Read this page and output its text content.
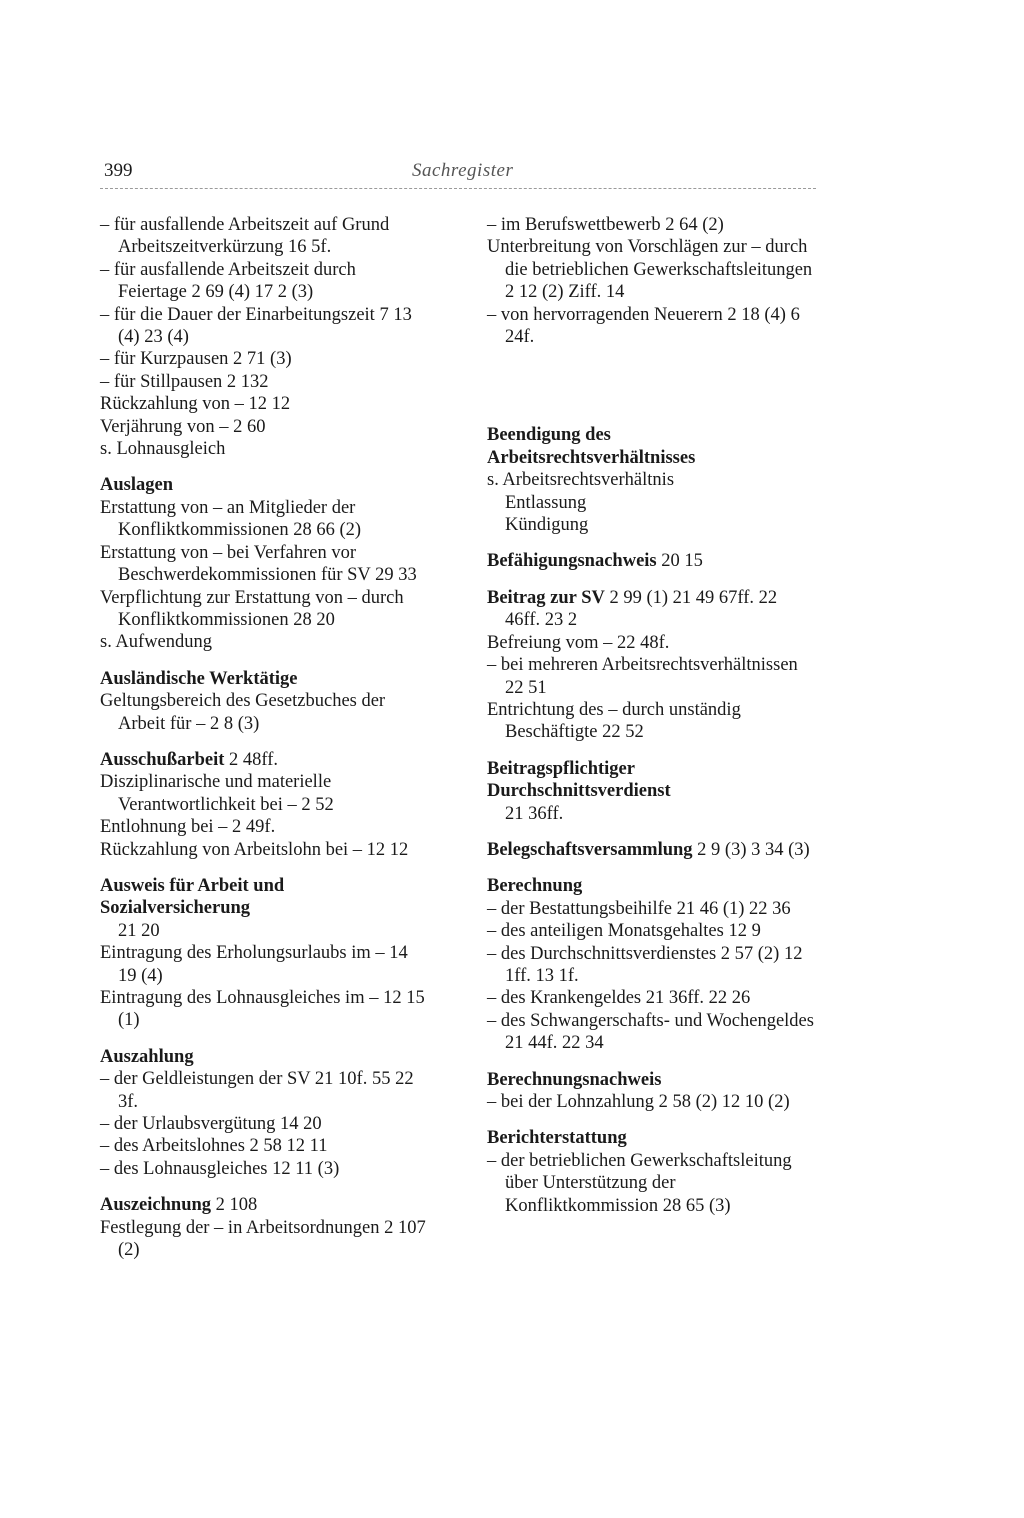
399	Sachregister

– für ausfallende Arbeitszeit auf Grund Arbeitszeitverkürzung 16 5f.

– für ausfallende Arbeitszeit durch Feiertage 2 69 (4) 17 2 (3)

– für die Dauer der Einarbeitungszeit 7 13 (4) 23 (4)

– für Kurzpausen 2 71 (3)

– für Stillpausen 2 132

Rückzahlung von – 12 12

Verjährung von – 2 60

s. Lohnausgleich

Auslagen

Erstattung von – an Mitglieder der Konfliktkommissionen 28 66 (2)

Erstattung von – bei Verfahren vor Beschwerdekommissionen für SV 29 33

Verpflichtung zur Erstattung von – durch Konfliktkommissionen 28 20

s. Aufwendung

Ausländische Werktätige

Geltungsbereich des Gesetzbuches der Arbeit für – 2 8 (3)

Ausschußarbeit 2 48ff.

Disziplinarische und materielle Verantwortlichkeit bei – 2 52

Entlohnung bei – 2 49f.

Rückzahlung von Arbeitslohn bei – 12 12

Ausweis für Arbeit und Sozialversicherung
21 20

Eintragung des Erholungsurlaubs im – 14 19 (4)

Eintragung des Lohnausgleiches im – 12 15 (1)

Auszahlung

– der Geldleistungen der SV 21 10f. 55 22 3f.

– der Urlaubsvergütung 14 20

– des Arbeitslohnes 2 58 12 11

– des Lohnausgleiches 12 11 (3)

Auszeichnung 2 108

Festlegung der – in Arbeitsordnungen 2 107 (2)

– im Berufswettbewerb 2 64 (2)

Unterbreitung von Vorschlägen zur – durch die betrieblichen Gewerkschaftsleitungen 2 12 (2) Ziff. 14

– von hervorragenden Neuerern 2 18 (4) 6 24f.

Beendigung des Arbeitsrechtsverhältnisses

s. Arbeitsrechtsverhältnis

Entlassung
Kündigung
Befähigungsnachweis 20 15

Beitrag zur SV 2 99 (1) 21 49 67ff. 22 46ff. 23 2

Befreiung vom – 22 48f.

– bei mehreren Arbeitsrechtsverhältnissen 22 51

Entrichtung des – durch unständig Beschäftigte 22 52

Beitragspflichtiger Durchschnittsverdienst
21 36ff.

Belegschaftsversammlung 2 9 (3) 3 34 (3)

Berechnung

– der Bestattungsbeihilfe 21 46 (1) 22 36

– des anteiligen Monatsgehaltes 12 9

– des Durchschnittsverdienstes 2 57 (2) 12 1ff. 13 1f.

– des Krankengeldes 21 36ff. 22 26

– des Schwangerschafts- und Wochengeldes 21 44f. 22 34

Berechnungsnachweis

– bei der Lohnzahlung 2 58 (2) 12 10 (2)

Berichterstattung

– der betrieblichen Gewerkschaftsleitung über Unterstützung der Konfliktkommission 28 65 (3)
